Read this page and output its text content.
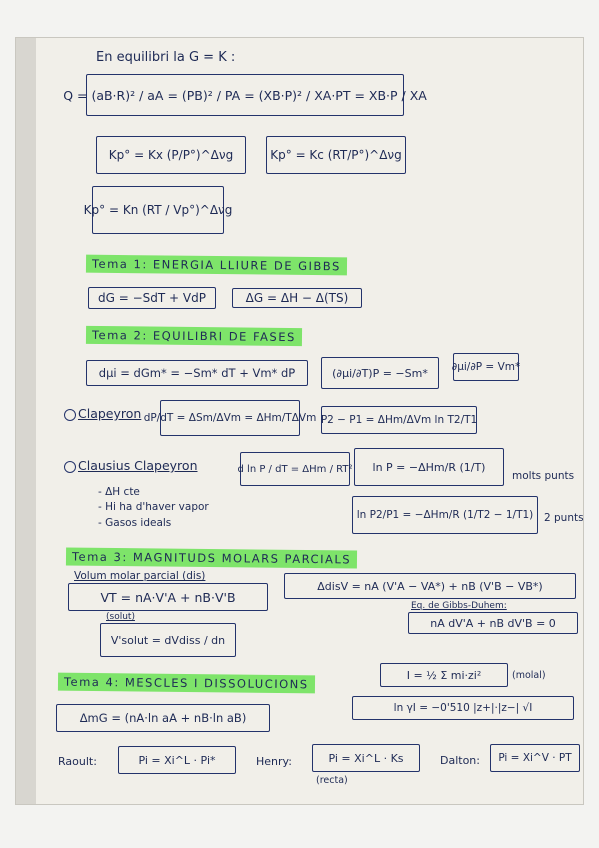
En equilibri la G = K :
Q = (aB·R)² / aA = (PB)² / PA = (XB·P)² / XA·PT = XB·P / XA
Kp° = Kx (P/P°)^Δνg	Kp° = Kc (RT/P°)^Δνg
Kp° = Kn (RT / Vp°)^Δνg
Tema 1: ENERGIA LLIURE DE GIBBS
dG = −SdT + VdP	ΔG = ΔH − Δ(TS)
Tema 2: EQUILIBRI DE FASES
dμi = dGm* = −Sm* dT + Vm* dP	(∂μi/∂T)P = −Sm*	∂μi/∂P = Vm*
Clapeyron dP/dT = ΔSm/ΔVm = ΔHm/TΔVm P2 − P1 = ΔHm/ΔVm ln T2/T1
Clausius Clapeyron	d ln P / dT = ΔHm / RT²	ln P = −ΔHm/R (1/T)
molts punts
- ΔH cte
- Hi ha d'haver vapor
- Gasos ideals
ln P2/P1 = −ΔHm/R (1/T2 − 1/T1)	2 punts
Tema 3: MAGNITUDS MOLARS PARCIALS
Volum molar parcial (dis)
VT = nA·V'A + nB·V'B
ΔdisV = nA (V'A − VA*) + nB (V'B − VB*)
Eq. de Gibbs-Duhem:
nA dV'A + nB dV'B = 0
(solut)
V'solut = dVdiss / dn
Tema 4: MESCLES I DISSOLUCIONS	I = ½ Σ mi·zi²	(molal)
ln γI = −0'510 |z+|·|z−| √I
ΔmG = (nA·ln aA + nB·ln aB)
Raoult:	Pi = Xi^L · Pi*	Henry:	Pi = Xi^L · Ks
(recta)
Dalton:	Pi = Xi^V · PT
